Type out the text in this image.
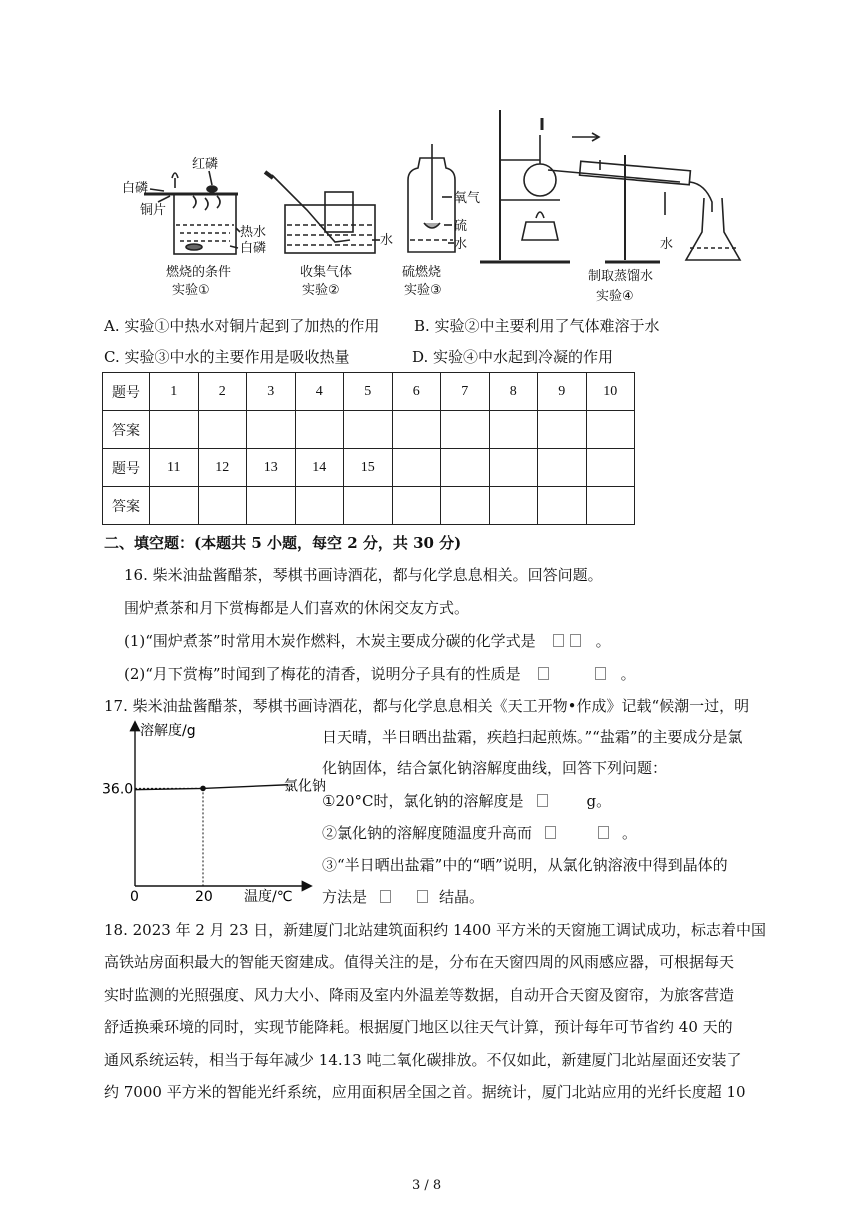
红磷
白磷
铜片
热水
白磷
燃烧的条件
实验①
水
收集气体
实验②
氧气
硫
水
硫燃烧
实验③
水
制取蒸馏水
实验④
A. 实验①中热水对铜片起到了加热的作用 B. 实验②中主要利用了气体难溶于水
C. 实验③中水的主要作用是吸收热量	D. 实验④中水起到冷凝的作用
题号	1	2	3	4	5	6	7	8	9	10
答案										
题号	11	12	13	14	15					
答案										
二、填空题：(本题共 5 小题，每空 2 分，共 30 分)
16. 柴米油盐酱醋茶，琴棋书画诗酒花，都与化学息息相关。回答问题。
围炉煮茶和月下赏梅都是人们喜欢的休闲交友方式。
(1)“围炉煮茶”时常用木炭作燃料，木炭主要成分碳的化学式是	。
(2)“月下赏梅”时闻到了梅花的清香，说明分子具有的性质是	。
17. 柴米油盐酱醋茶，琴棋书画诗酒花，都与化学息息相关《天工开物•作成》记载“候潮一过，明
日天晴，半日晒出盐霜，疾趋扫起煎炼。”“盐霜”的主要成分是氯
化钠固体，结合氯化钠溶解度曲线，回答下列问题：
①20°C时，氯化钠的溶解度是	g。
②氯化钠的溶解度随温度升高而	。
③“半日晒出盐霜”中的“晒”说明，从氯化钠溶液中得到晶体的
方法是	结晶。
溶解度/g
温度/℃
0	20
36.0	氯化钠
18. 2023 年 2 月 23 日，新建厦门北站建筑面积约 1400 平方米的天窗施工调试成功，标志着中国
高铁站房面积最大的智能天窗建成。值得关注的是，分布在天窗四周的风雨感应器，可根据每天
实时监测的光照强度、风力大小、降雨及室内外温差等数据，自动开合天窗及窗帘，为旅客营造
舒适换乘环境的同时，实现节能降耗。根据厦门地区以往天气计算，预计每年可节省约 40 天的
通风系统运转，相当于每年减少 14.13 吨二氧化碳排放。不仅如此，新建厦门北站屋面还安装了
约 7000 平方米的智能光纤系统，应用面积居全国之首。据统计，厦门北站应用的光纤长度超 10
3 / 8
